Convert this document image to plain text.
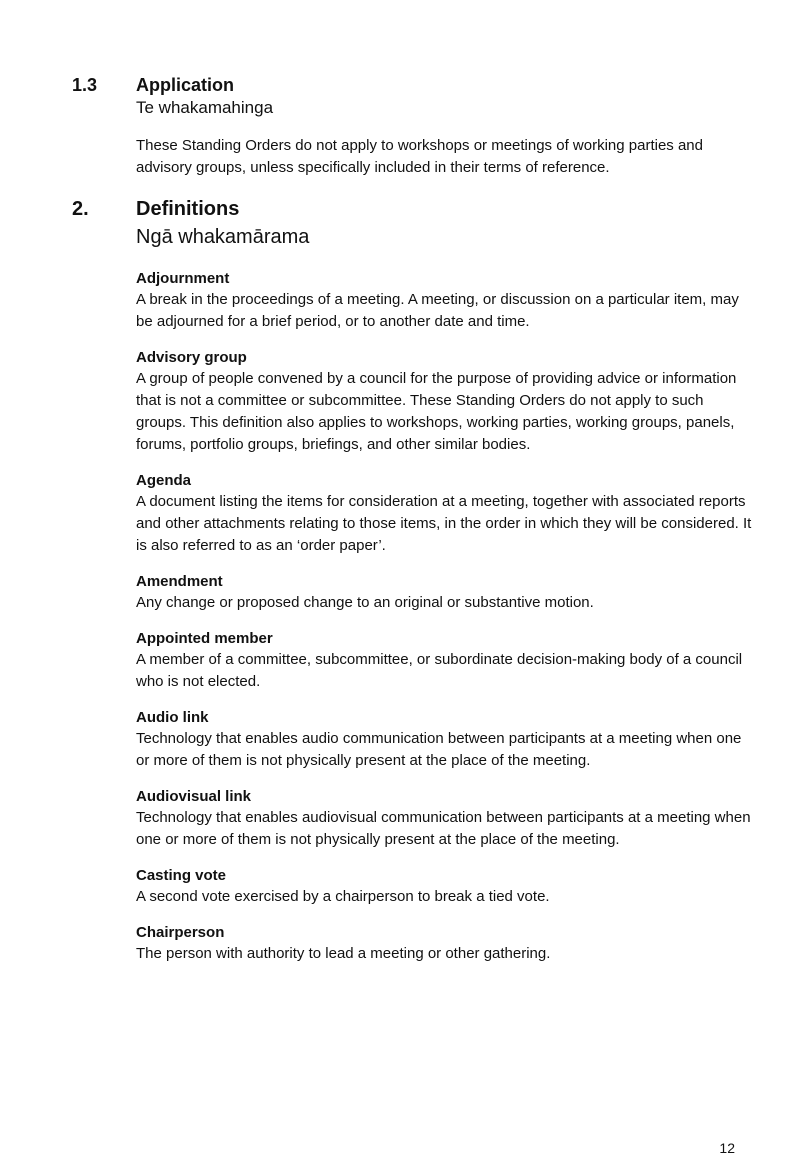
1.3 Application
Te whakamahinga

These Standing Orders do not apply to workshops or meetings of working parties and advisory groups, unless specifically included in their terms of reference.

2. Definitions
Ngā whakamārama
Adjournment

A break in the proceedings of a meeting. A meeting, or discussion on a particular item, may be adjourned for a brief period, or to another date and time.

Advisory group

A group of people convened by a council for the purpose of providing advice or information that is not a committee or subcommittee. These Standing Orders do not apply to such groups. This definition also applies to workshops, working parties, working groups, panels, forums, portfolio groups, briefings, and other similar bodies.

Agenda

A document listing the items for consideration at a meeting, together with associated reports and other attachments relating to those items, in the order in which they will be considered. It is also referred to as an ‘order paper’.

Amendment

Any change or proposed change to an original or substantive motion.

Appointed member

A member of a committee, subcommittee, or subordinate decision-making body of a council who is not elected.

Audio link

Technology that enables audio communication between participants at a meeting when one or more of them is not physically present at the place of the meeting.

Audiovisual link

Technology that enables audiovisual communication between participants at a meeting when one or more of them is not physically present at the place of the meeting.

Casting vote

A second vote exercised by a chairperson to break a tied vote.

Chairperson

The person with authority to lead a meeting or other gathering.

12
